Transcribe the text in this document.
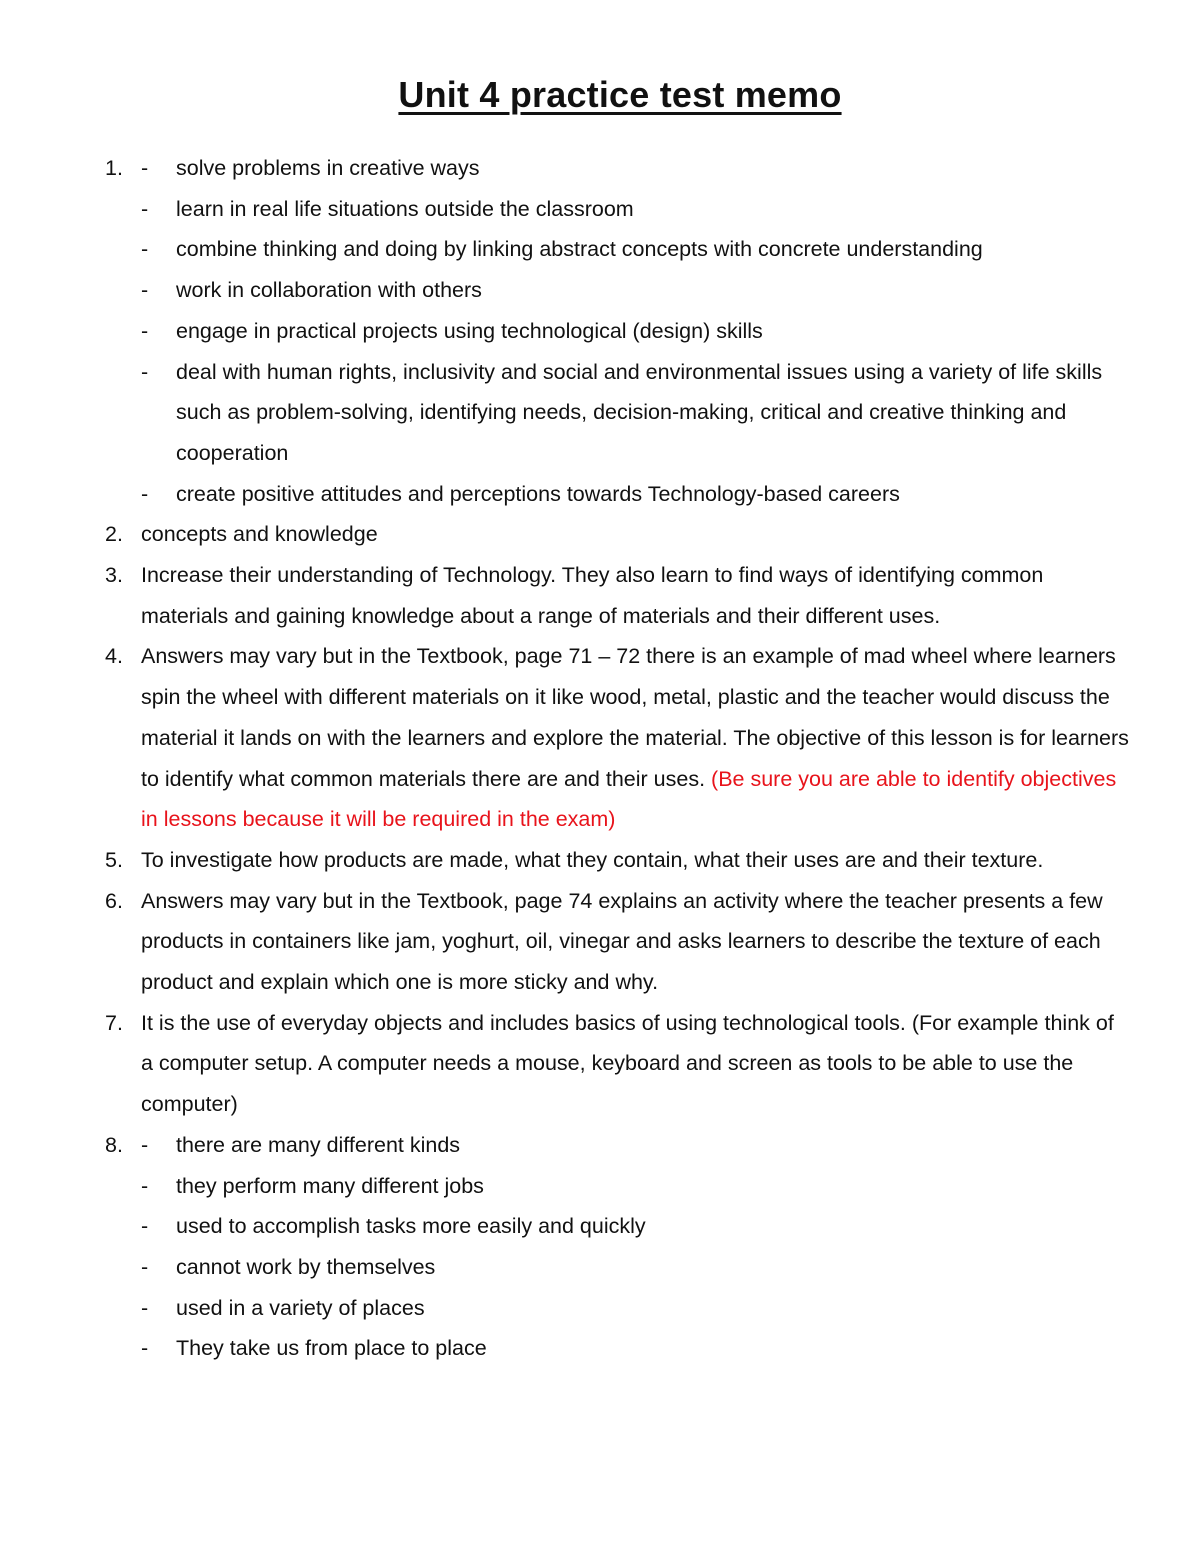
Unit 4 practice test memo
1. - solve problems in creative ways
- learn in real life situations outside the classroom
- combine thinking and doing by linking abstract concepts with concrete understanding
- work in collaboration with others
- engage in practical projects using technological (design) skills
- deal with human rights, inclusivity and social and environmental issues using a variety of life skills such as problem-solving, identifying needs, decision-making, critical and creative thinking and cooperation
- create positive attitudes and perceptions towards Technology-based careers
2. concepts and knowledge
3. Increase their understanding of Technology. They also learn to find ways of identifying common materials and gaining knowledge about a range of materials and their different uses.
4. Answers may vary but in the Textbook, page 71 – 72 there is an example of mad wheel where learners spin the wheel with different materials on it like wood, metal, plastic and the teacher would discuss the material it lands on with the learners and explore the material. The objective of this lesson is for learners to identify what common materials there are and their uses. (Be sure you are able to identify objectives in lessons because it will be required in the exam)
5. To investigate how products are made, what they contain, what their uses are and their texture.
6. Answers may vary but in the Textbook, page 74 explains an activity where the teacher presents a few products in containers like jam, yoghurt, oil, vinegar and asks learners to describe the texture of each product and explain which one is more sticky and why.
7. It is the use of everyday objects and includes basics of using technological tools. (For example think of a computer setup. A computer needs a mouse, keyboard and screen as tools to be able to use the computer)
8. - there are many different kinds
- they perform many different jobs
- used to accomplish tasks more easily and quickly
- cannot work by themselves
- used in a variety of places
- They take us from place to place
